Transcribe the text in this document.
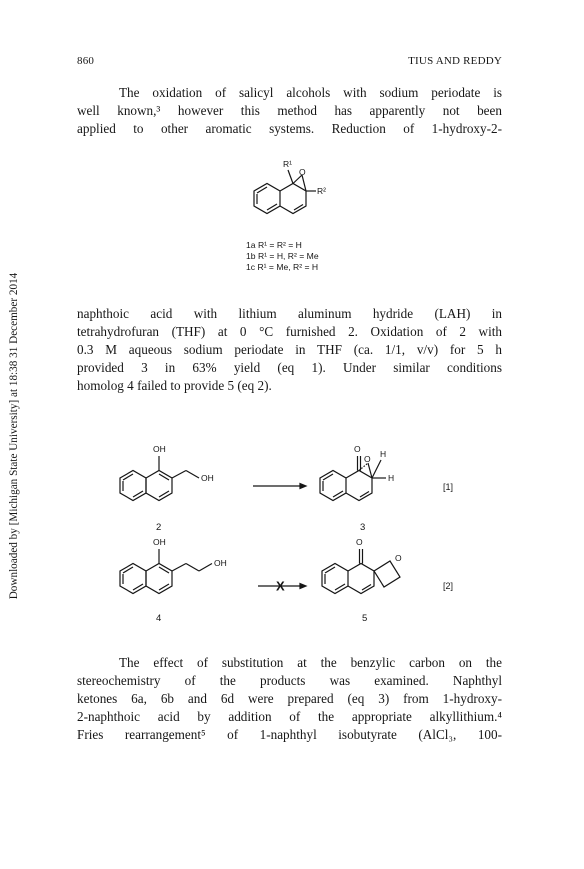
860	TIUS AND REDDY
Downloaded by [Michigan State University] at 18:38 31 December 2014
The oxidation of salicyl alcohols with sodium periodate is
well known,³ however this method has apparently not been
applied to other aromatic systems. Reduction of 1-hydroxy-2-
R¹
O
R²
1a R¹ = R² = H
1b R¹ = H, R² = Me
1c R¹ = Me, R² = H
naphthoic acid with lithium aluminum hydride (LAH) in
tetrahydrofuran (THF) at 0 °C furnished 2. Oxidation of 2 with
0.3 M aqueous sodium periodate in THF (ca. 1/1, v/v) for 5 h
provided 3 in 63% yield (eq 1). Under similar conditions
homolog 4 failed to provide 5 (eq 2).
OH
OH
2
O
O H
H
3
[1]
OH
OH
4
X
O
O
5
[2]
The effect of substitution at the benzylic carbon on the
stereochemistry of the products was examined. Naphthyl
ketones 6a, 6b and 6d were prepared (eq 3) from 1-hydroxy-
2-naphthoic acid by addition of the appropriate alkyllithium.⁴
Fries rearrangement⁵ of 1-naphthyl isobutyrate (AlCl₃, 100-
